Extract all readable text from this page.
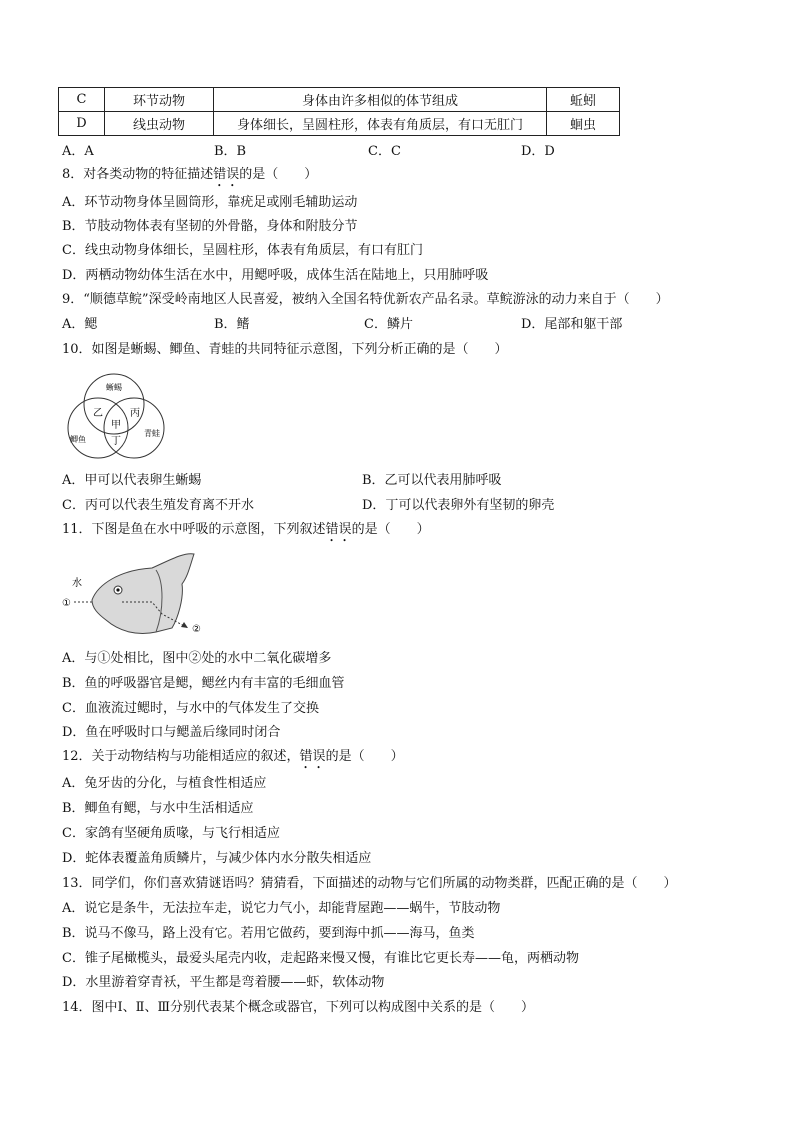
C	环节动物	身体由许多相似的体节组成	蚯蚓
D	线虫动物	身体细长，呈圆柱形，体表有角质层，有口无肛门	蛔虫
A．A	B．B	C．C	D．D
8．对各类动物的特征描述错误的是（　　）
A．环节动物身体呈圆筒形，靠疣足或刚毛辅助运动
B．节肢动物体表有坚韧的外骨骼，身体和附肢分节
C．线虫动物身体细长，呈圆柱形，体表有角质层，有口有肛门
D．两栖动物幼体生活在水中，用鳃呼吸，成体生活在陆地上，只用肺呼吸
9．“顺德草鲩”深受岭南地区人民喜爱，被纳入全国名特优新农产品名录。草鲩游泳的动力来自于（　　）
A．鳃	B．鳍	C．鳞片	D．尾部和躯干部
10．如图是蜥蜴、鲫鱼、青蛙的共同特征示意图，下列分析正确的是（　　）
蜥蜴
鲫鱼
青蛙
乙	丙
甲
丁
A．甲可以代表卵生蜥蜴	B．乙可以代表用肺呼吸
C．丙可以代表生殖发育离不开水	D．丁可以代表卵外有坚韧的卵壳
11．下图是鱼在水中呼吸的示意图，下列叙述错误的是（　　）
水
①
②
A．与①处相比，图中②处的水中二氧化碳增多
B．鱼的呼吸器官是鳃，鳃丝内有丰富的毛细血管
C．血液流过鳃时，与水中的气体发生了交换
D．鱼在呼吸时口与鳃盖后缘同时闭合
12．关于动物结构与功能相适应的叙述，错误的是（　　）
A．兔牙齿的分化，与植食性相适应
B．鲫鱼有鳃，与水中生活相适应
C．家鸽有坚硬角质喙，与飞行相适应
D．蛇体表覆盖角质鳞片，与减少体内水分散失相适应
13．同学们，你们喜欢猜谜语吗？猜猜看，下面描述的动物与它们所属的动物类群，匹配正确的是（　　）
A．说它是条牛，无法拉车走，说它力气小，却能背屋跑——蜗牛，节肢动物
B．说马不像马，路上没有它。若用它做药，要到海中抓——海马，鱼类
C．锥子尾橄榄头，最爱头尾壳内收，走起路来慢又慢，有谁比它更长寿——龟，两栖动物
D．水里游着穿青袄，平生都是弯着腰——虾，软体动物
14．图中Ⅰ、Ⅱ、Ⅲ分别代表某个概念或器官，下列可以构成图中关系的是（　　）
